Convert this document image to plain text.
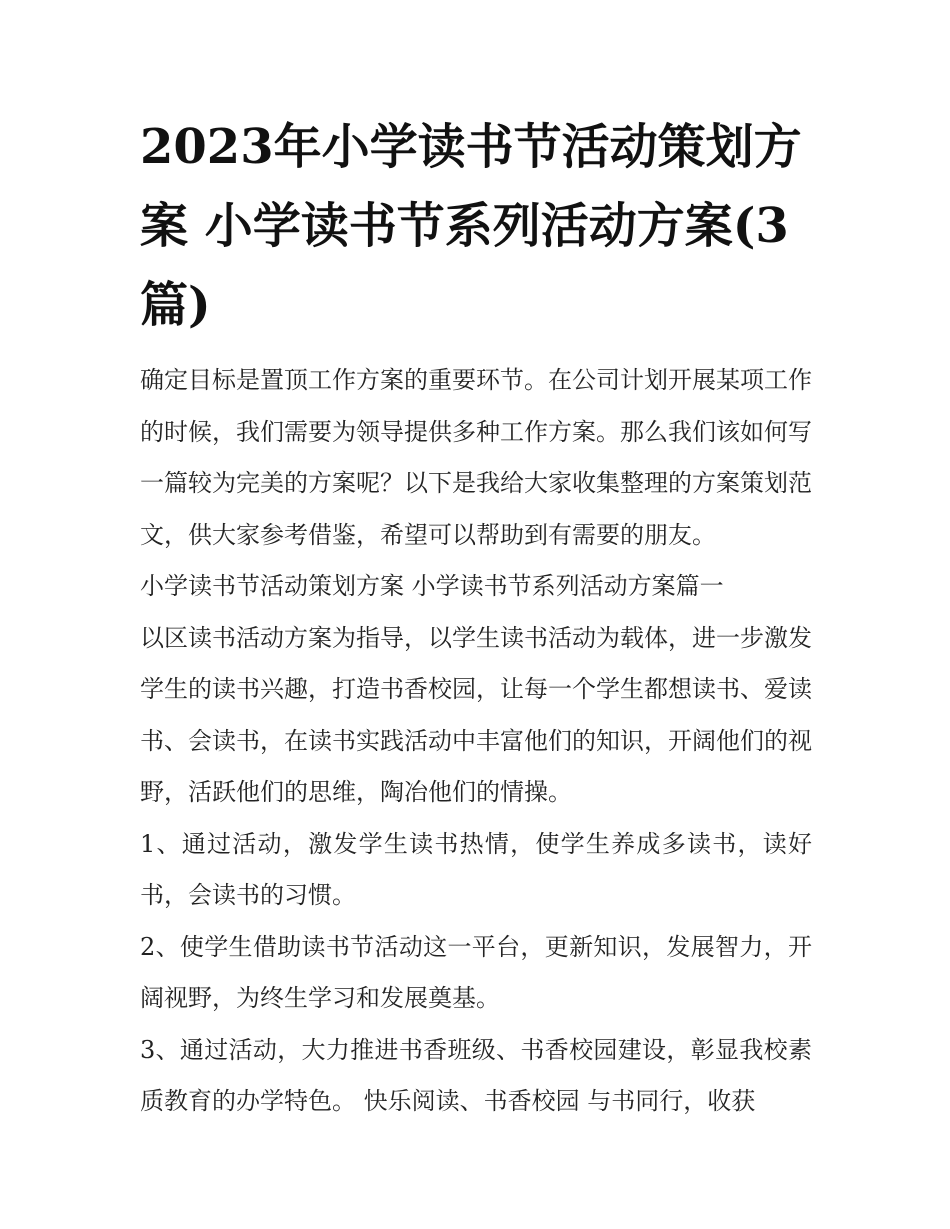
2023年小学读书节活动策划方案 小学读书节系列活动方案(3篇)

确定目标是置顶工作方案的重要环节。在公司计划开展某项工作的时候，我们需要为领导提供多种工作方案。那么我们该如何写一篇较为完美的方案呢？以下是我给大家收集整理的方案策划范文，供大家参考借鉴，希望可以帮助到有需要的朋友。

小学读书节活动策划方案 小学读书节系列活动方案篇一

以区读书活动方案为指导，以学生读书活动为载体，进一步激发学生的读书兴趣，打造书香校园，让每一个学生都想读书、爱读书、会读书，在读书实践活动中丰富他们的知识，开阔他们的视野，活跃他们的思维，陶冶他们的情操。

1、通过活动，激发学生读书热情，使学生养成多读书，读好书，会读书的习惯。

2、使学生借助读书节活动这一平台，更新知识，发展智力，开阔视野，为终生学习和发展奠基。

3、通过活动，大力推进书香班级、书香校园建设，彰显我校素质教育的办学特色。 快乐阅读、书香校园 与书同行，收获
